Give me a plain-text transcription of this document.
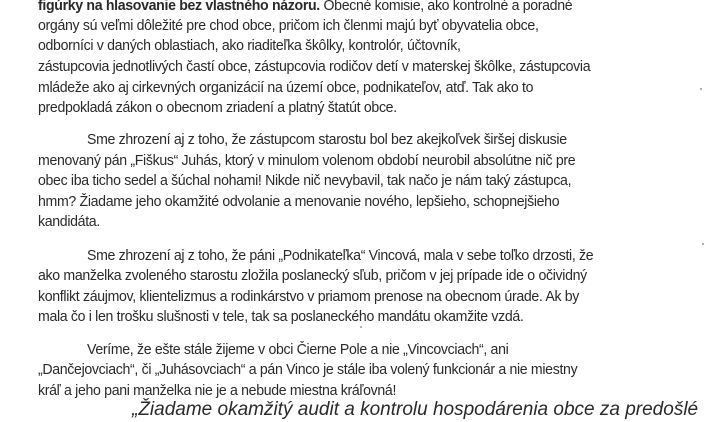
figúrky na hlasovanie bez vlastného názoru. Obecné komisie, ako kontrolné a poradné
orgány sú veľmi dôležité pre chod obce, pričom ich členmi majú byť obyvatelia obce,
odborníci v daných oblastiach, ako riaditeľka škôlky, kontrolór, účtovník,
zástupcovia jednotlivých častí obce, zástupcovia rodičov detí v materskej škôlke, zástupcovia
mládeže ako aj cirkevných organizácií na území obce, podnikateľov, atď. Tak ako to
predpokladá zákon o obecnom zriadení a platný štatút obce.
Sme zhrození aj z toho, že zástupcom starostu bol bez akejkoľvek širšej diskusie
menovaný pán „Fiškus“ Juhás, ktorý v minulom volenom období neurobil absolútne nič pre
obec iba ticho sedel a šúchal nohami! Nikde nič nevybavil, tak načo je nám taký zástupca,
hmm? Žiadame jeho okamžité odvolanie a menovanie nového, lepšieho, schopnejšieho
kandidáta.
Sme zhrození aj z toho, že páni „Podnikateľka“ Vincová, mala v sebe toľko drzosti, že
ako manželka zvoleného starostu zložila poslanecký sľub, pričom v jej prípade ide o očividný
konflikt záujmov, klientelizmus a rodinkárstvo v priamom prenose na obecnom úrade. Ak by
mala čo i len trošku slušnosti v tele, tak sa poslaneckého mandátu okamžite vzdá.
Veríme, že ešte stále žijeme v obci Čierne Pole a nie „Vincovciach“, ani
„Dančejovciach“, či „Juhásovciach“ a pán Vinco je stále iba volený funkcionár a nie miestny
kráľ a jeho pani manželka nie je a nebude miestna kráľovná!
„Žiadame okamžitý audit a kontrolu hospodárenia obce za predošlé
